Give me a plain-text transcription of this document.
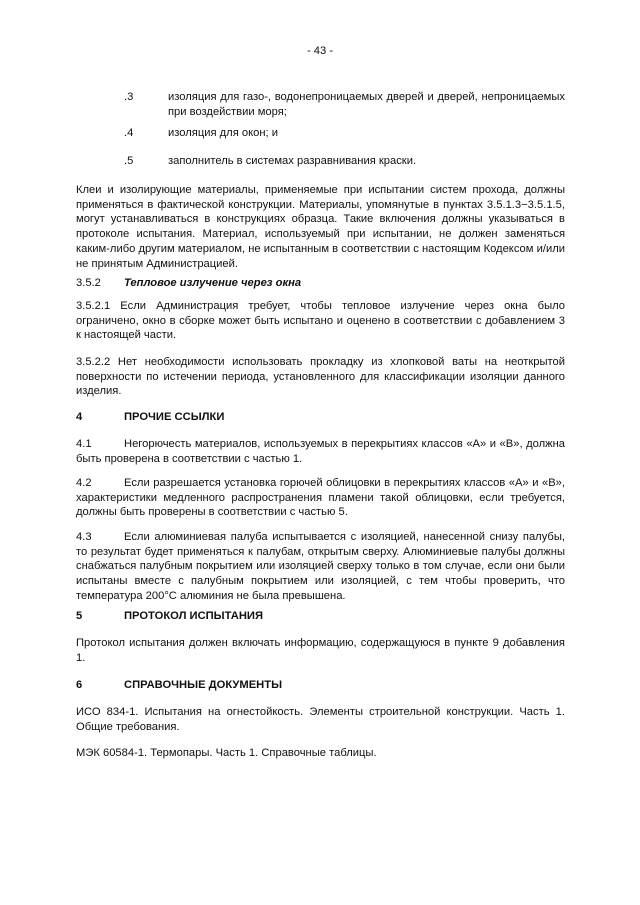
- 43 -
.3	изоляция для газо-, водонепроницаемых дверей и дверей, непроницаемых при воздействии моря;
.4	изоляция для окон; и
.5	заполнитель в системах разравнивания краски.
Клеи и изолирующие материалы, применяемые при испытании систем прохода, должны применяться в фактической конструкции. Материалы, упомянутые в пунктах 3.5.1.3−3.5.1.5, могут устанавливаться в конструкциях образца. Такие включения должны указываться в протоколе испытания. Материал, используемый при испытании, не должен заменяться каким-либо другим материалом, не испытанным в соответствии с настоящим Кодексом и/или не принятым Администрацией.
3.5.2 Тепловое излучение через окна
3.5.2.1 Если Администрация требует, чтобы тепловое излучение через окна было ограничено, окно в сборке может быть испытано и оценено в соответствии с добавлением 3 к настоящей части.
3.5.2.2 Нет необходимости использовать прокладку из хлопковой ваты на неоткрытой поверхности по истечении периода, установленного для классификации изоляции данного изделия.
4	ПРОЧИЕ ССЫЛКИ
4.1	Негорючесть материалов, используемых в перекрытиях классов «А» и «В», должна быть проверена в соответствии с частью 1.
4.2	Если разрешается установка горючей облицовки в перекрытиях классов «А» и «В», характеристики медленного распространения пламени такой облицовки, если требуется, должны быть проверены в соответствии с частью 5.
4.3	Если алюминиевая палуба испытывается с изоляцией, нанесенной снизу палубы, то результат будет применяться к палубам, открытым сверху. Алюминиевые палубы должны снабжаться палубным покрытием или изоляцией сверху только в том случае, если они были испытаны вместе с палубным покрытием или изоляцией, с тем чтобы проверить, что температура 200°C алюминия не была превышена.
5	ПРОТОКОЛ ИСПЫТАНИЯ
Протокол испытания должен включать информацию, содержащуюся в пункте 9 добавления 1.
6	СПРАВОЧНЫЕ ДОКУМЕНТЫ
ИСО 834-1. Испытания на огнестойкость. Элементы строительной конструкции. Часть 1. Общие требования.
МЭК 60584-1. Термопары. Часть 1. Справочные таблицы.
